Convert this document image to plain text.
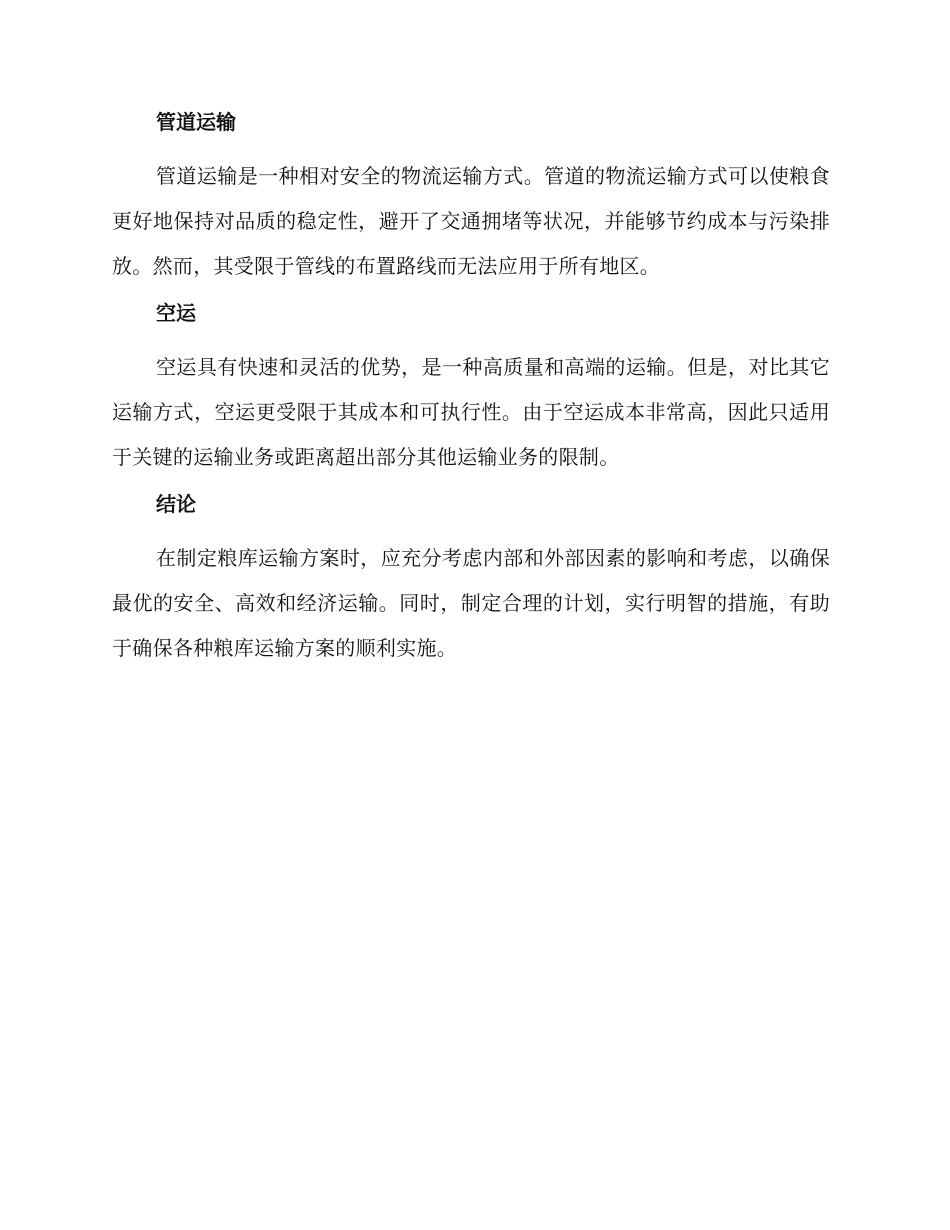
管道运输

管道运输是一种相对安全的物流运输方式。管道的物流运输方式可以使粮食更好地保持对品质的稳定性，避开了交通拥堵等状况，并能够节约成本与污染排放。然而，其受限于管线的布置路线而无法应用于所有地区。

空运

空运具有快速和灵活的优势，是一种高质量和高端的运输。但是，对比其它运输方式，空运更受限于其成本和可执行性。由于空运成本非常高，因此只适用于关键的运输业务或距离超出部分其他运输业务的限制。

结论

在制定粮库运输方案时，应充分考虑内部和外部因素的影响和考虑，以确保最优的安全、高效和经济运输。同时，制定合理的计划，实行明智的措施，有助于确保各种粮库运输方案的顺利实施。
